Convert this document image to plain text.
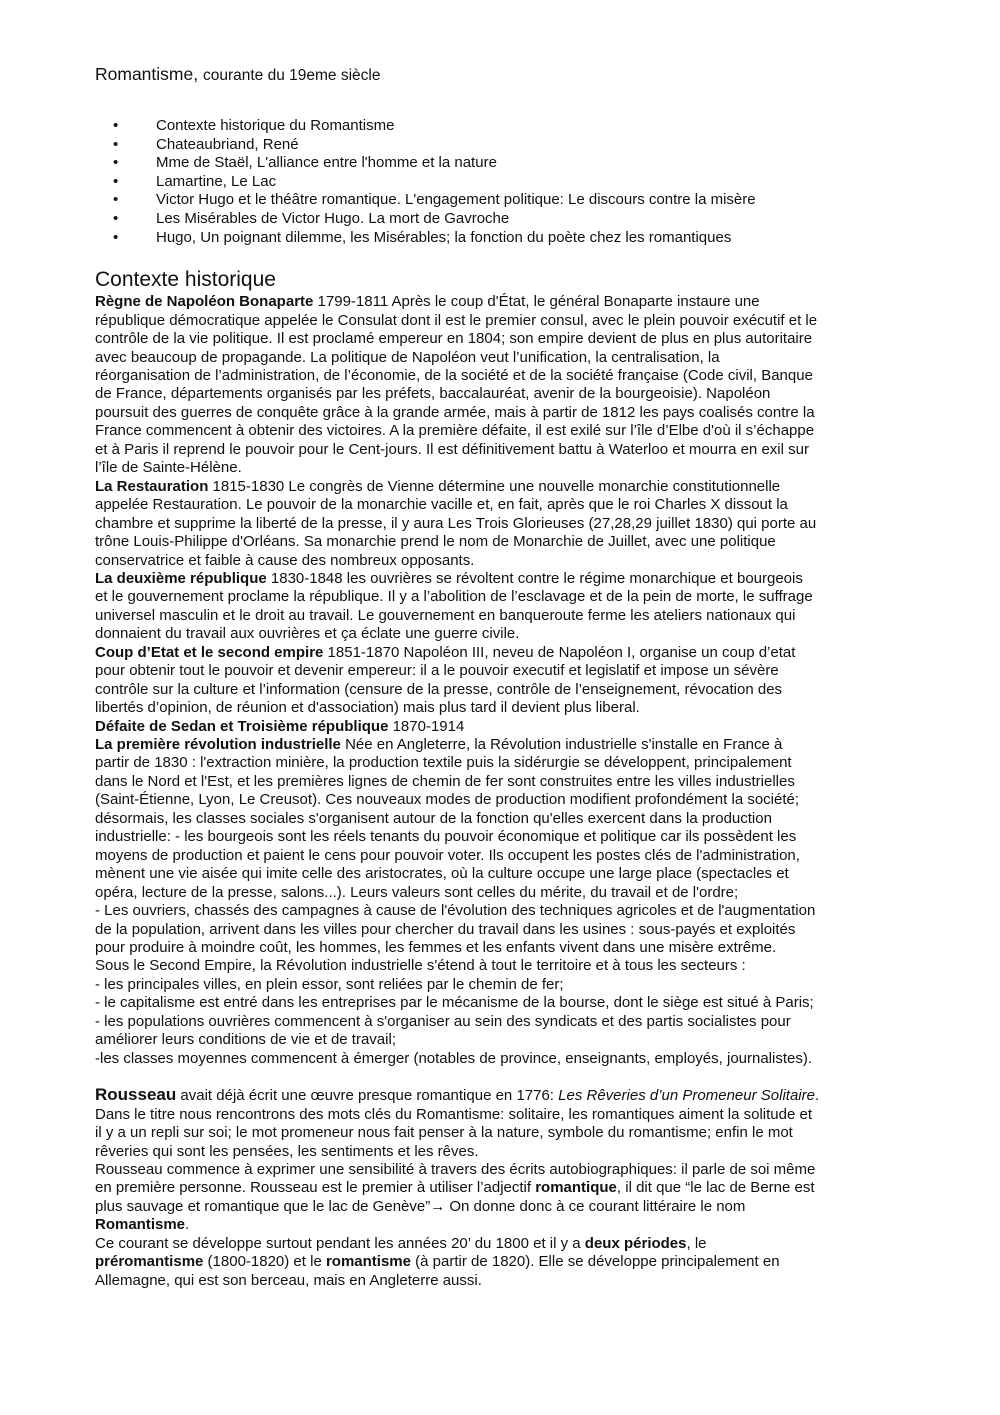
Romantisme, courante du 19eme siècle
•	Contexte historique du Romantisme
•	Chateaubriand, René
•	Mme de Staël, L'alliance entre l'homme et la nature
•	Lamartine, Le Lac
•	Victor Hugo et le théâtre romantique. L'engagement politique: Le discours contre la misère
•	Les Misérables de Victor Hugo. La mort de Gavroche
•	Hugo, Un poignant dilemme, les Misérables; la fonction du poète chez les romantiques
Contexte historique
Règne de Napoléon Bonaparte 1799-1811 Après le coup d'État, le général Bonaparte instaure une
république démocratique appelée le Consulat dont il est le premier consul, avec le plein pouvoir exécutif et le
contrôle de la vie politique. Il est proclamé empereur en 1804; son empire devient de plus en plus autoritaire
avec beaucoup de propagande. La politique de Napoléon veut l’unification, la centralisation, la
réorganisation de l’administration, de l’économie, de la société et de la société française (Code civil, Banque
de France, départements organisés par les préfets, baccalauréat, avenir de la bourgeoisie). Napoléon
poursuit des guerres de conquête grâce à la grande armée, mais à partir de 1812 les pays coalisés contre la
France commencent à obtenir des victoires. A la première défaite, il est exilé sur l’île d’Elbe d'où il s’échappe
et à Paris il reprend le pouvoir pour le Cent-jours. Il est définitivement battu à Waterloo et mourra en exil sur
l’île de Sainte-Hélène.
La Restauration 1815-1830 Le congrès de Vienne détermine une nouvelle monarchie constitutionnelle
appelée Restauration. Le pouvoir de la monarchie vacille et, en fait, après que le roi Charles X dissout la
chambre et supprime la liberté de la presse, il y aura Les Trois Glorieuses (27,28,29 juillet 1830) qui porte au
trône Louis-Philippe d'Orléans. Sa monarchie prend le nom de Monarchie de Juillet, avec une politique
conservatrice et faible à cause des nombreux opposants.
La deuxième république 1830-1848 les ouvrières se révoltent contre le régime monarchique et bourgeois
et le gouvernement proclame la république. Il y a l’abolition de l’esclavage et de la pein de morte, le suffrage
universel masculin et le droit au travail. Le gouvernement en banqueroute ferme les ateliers nationaux qui
donnaient du travail aux ouvrières et ça éclate une guerre civile.
Coup d’Etat et le second empire 1851-1870 Napoléon III, neveu de Napoléon I, organise un coup d’etat
pour obtenir tout le pouvoir et devenir empereur: il a le pouvoir executif et legislatif et impose un sévère
contrôle sur la culture et l’information (censure de la presse, contrôle de l’enseignement, révocation des
libertés d’opinion, de réunion et d'association) mais plus tard il devient plus liberal.
Défaite de Sedan et Troisième république 1870-1914
La première révolution industrielle Née en Angleterre, la Révolution industrielle s'installe en France à
partir de 1830 : l'extraction minière, la production textile puis la sidérurgie se développent, principalement
dans le Nord et l'Est, et les premières lignes de chemin de fer sont construites entre les villes industrielles
(Saint-Étienne, Lyon, Le Creusot). Ces nouveaux modes de production modifient profondément la société;
désormais, les classes sociales s'organisent autour de la fonction qu'elles exercent dans la production
industrielle: - les bourgeois sont les réels tenants du pouvoir économique et politique car ils possèdent les
moyens de production et paient le cens pour pouvoir voter. Ils occupent les postes clés de l'administration,
mènent une vie aisée qui imite celle des aristocrates, où la culture occupe une large place (spectacles et
opéra, lecture de la presse, salons...). Leurs valeurs sont celles du mérite, du travail et de l'ordre;
- Les ouvriers, chassés des campagnes à cause de l'évolution des techniques agricoles et de l'augmentation
de la population, arrivent dans les villes pour chercher du travail dans les usines : sous-payés et exploités
pour produire à moindre coût, les hommes, les femmes et les enfants vivent dans une misère extrême.
Sous le Second Empire, la Révolution industrielle s'étend à tout le territoire et à tous les secteurs :
- les principales villes, en plein essor, sont reliées par le chemin de fer;
- le capitalisme est entré dans les entreprises par le mécanisme de la bourse, dont le siège est situé à Paris;
- les populations ouvrières commencent à s'organiser au sein des syndicats et des partis socialistes pour
améliorer leurs conditions de vie et de travail;
-les classes moyennes commencent à émerger (notables de province, enseignants, employés, journalistes).
Rousseau avait déjà écrit une œuvre presque romantique en 1776: Les Rêveries d’un Promeneur Solitaire.
Dans le titre nous rencontrons des mots clés du Romantisme: solitaire, les romantiques aiment la solitude et
il y a un repli sur soi; le mot promeneur nous fait penser à la nature, symbole du romantisme; enfin le mot
rêveries qui sont les pensées, les sentiments et les rêves.
Rousseau commence à exprimer une sensibilité à travers des écrits autobiographiques: il parle de soi même
en première personne. Rousseau est le premier à utiliser l’adjectif romantique, il dit que “le lac de Berne est
plus sauvage et romantique que le lac de Genève”→ On donne donc à ce courant littéraire le nom
Romantisme.
Ce courant se développe surtout pendant les années 20’ du 1800 et il y a deux périodes, le
préromantisme (1800-1820) et le romantisme (à partir de 1820). Elle se développe principalement en
Allemagne, qui est son berceau, mais en Angleterre aussi.
